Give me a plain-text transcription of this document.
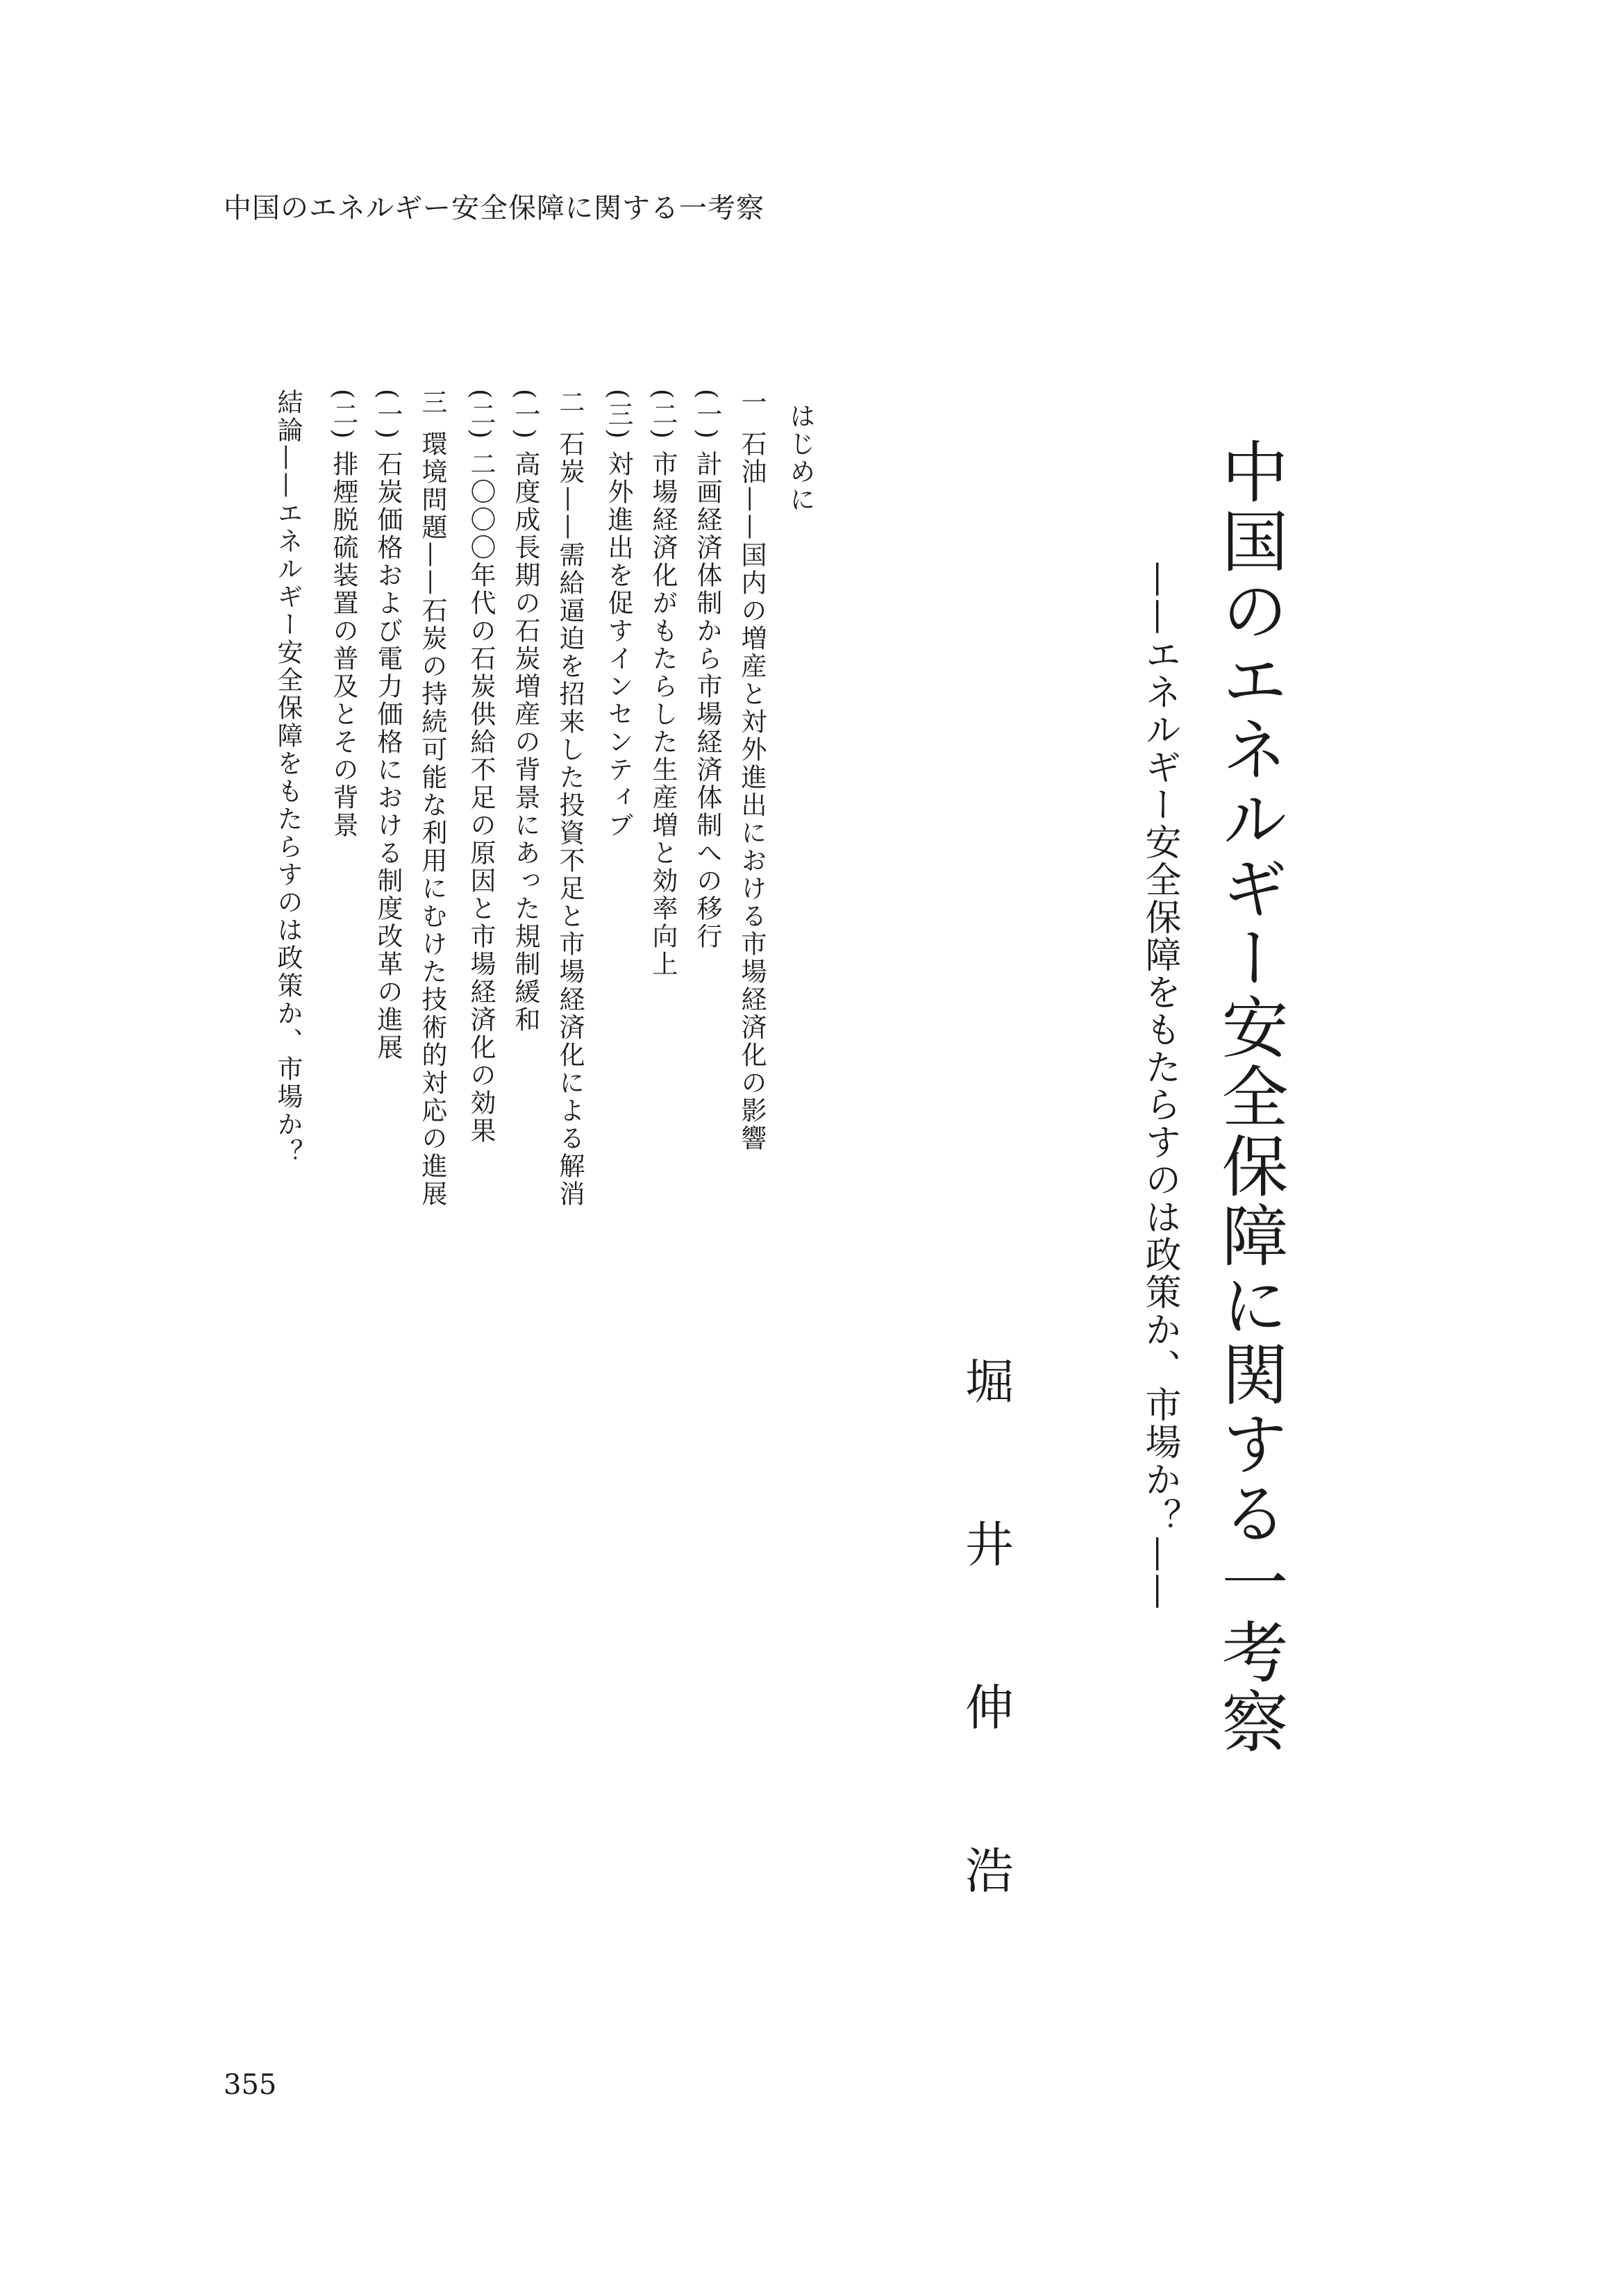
中国のエネルギー安全保障に関する一考察
中国のエネルギー安全保障に関する一考察
——エネルギー安全保障をもたらすのは政策か、市場か？——
堀
井
伸
浩
はじめに
一石油——国内の増産と対外進出における市場経済化の影響
(一)計画経済体制から市場経済体制への移行
(二)市場経済化がもたらした生産増と効率向上
(三)対外進出を促すインセンティブ
二石炭——需給逼迫を招来した投資不足と市場経済化による解消
(一)高度成長期の石炭増産の背景にあった規制緩和
(二)二〇〇〇年代の石炭供給不足の原因と市場経済化の効果
三環境問題——石炭の持続可能な利用にむけた技術的対応の進展
(一)石炭価格および電力価格における制度改革の進展
(二)排煙脱硫装置の普及とその背景
結論——エネルギー安全保障をもたらすのは政策か、市場か？
355
